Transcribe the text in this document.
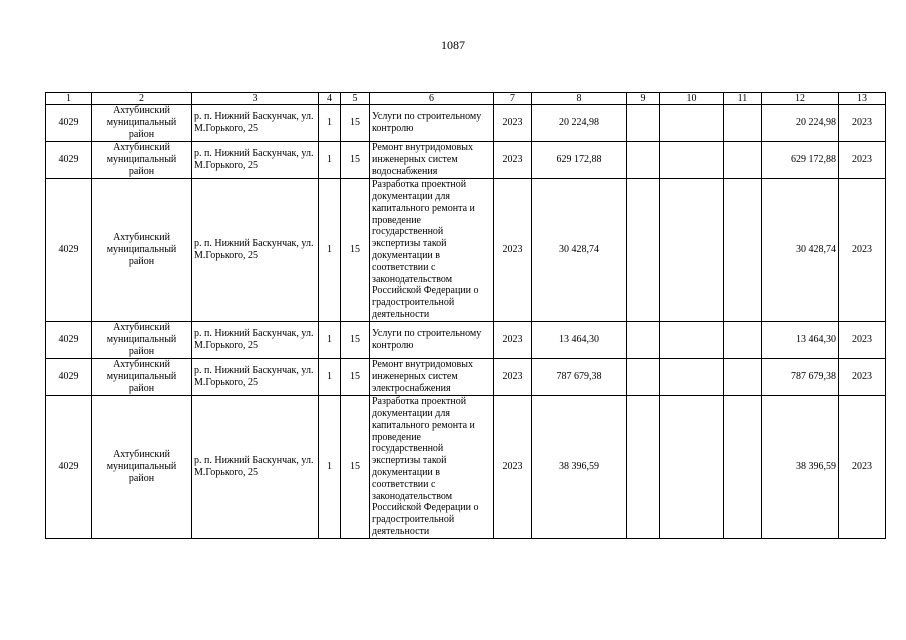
1087
1	2	3	4	5	6	7	8	9	10	11	12	13
4029	Ахтубинский муниципальный район	р. п. Нижний Баскунчак, ул. М.Горького, 25	1	15	Услуги по строительному контролю	2023	20 224,98				20 224,98	2023
4029	Ахтубинский муниципальный район	р. п. Нижний Баскунчак, ул. М.Горького, 25	1	15	Ремонт внутридомовых инженерных систем водоснабжения	2023	629 172,88				629 172,88	2023
4029	Ахтубинский муниципальный район	р. п. Нижний Баскунчак, ул. М.Горького, 25	1	15	Разработка проектной документации для капитального ремонта и проведение государственной экспертизы такой документации в соответствии с законодательством Российской Федерации о градостроительной деятельности	2023	30 428,74				30 428,74	2023
4029	Ахтубинский муниципальный район	р. п. Нижний Баскунчак, ул. М.Горького, 25	1	15	Услуги по строительному контролю	2023	13 464,30				13 464,30	2023
4029	Ахтубинский муниципальный район	р. п. Нижний Баскунчак, ул. М.Горького, 25	1	15	Ремонт внутридомовых инженерных систем электроснабжения	2023	787 679,38				787 679,38	2023
4029	Ахтубинский муниципальный район	р. п. Нижний Баскунчак, ул. М.Горького, 25	1	15	Разработка проектной документации для капитального ремонта и проведение государственной экспертизы такой документации в соответствии с законодательством Российской Федерации о градостроительной деятельности	2023	38 396,59				38 396,59	2023
